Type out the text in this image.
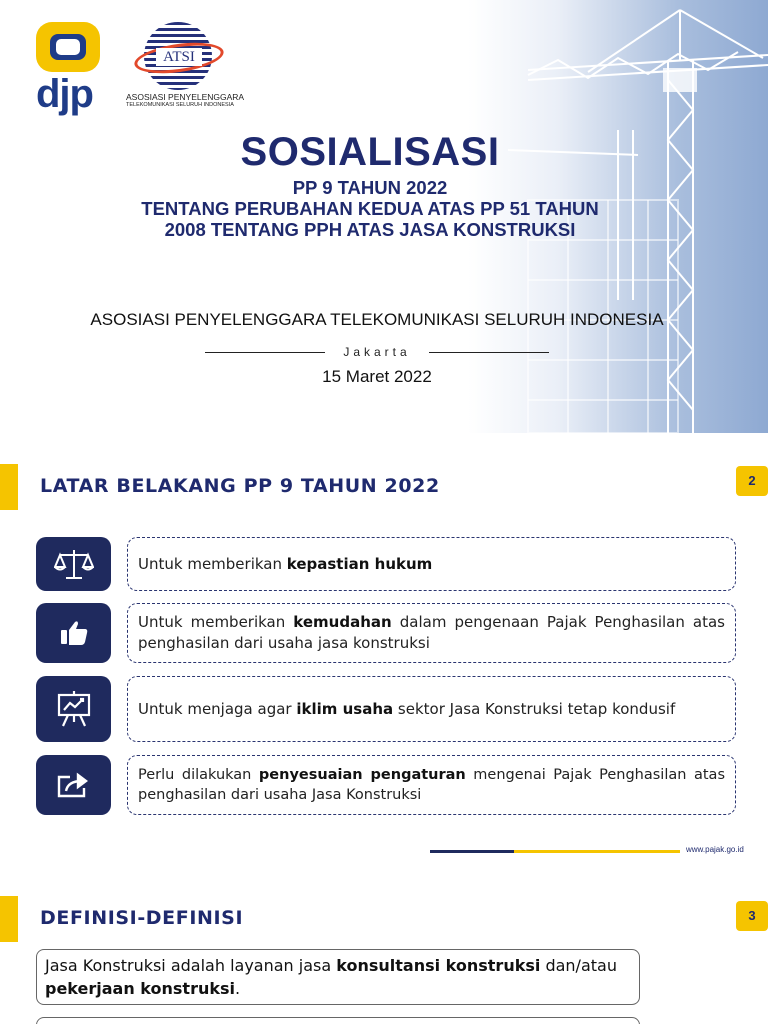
djp
ATSI
ASOSIASI PENYELENGGARA
TELEKOMUNIKASI SELURUH INDONESIA
SOSIALISASI
PP 9 TAHUN 2022
TENTANG PERUBAHAN KEDUA ATAS PP 51 TAHUN
2008 TENTANG PPH ATAS JASA KONSTRUKSI
ASOSIASI PENYELENGGARA TELEKOMUNIKASI SELURUH INDONESIA
Jakarta
15 Maret 2022
LATAR BELAKANG PP 9 TAHUN 2022	2
Untuk memberikan kepastian hukum
Untuk memberikan kemudahan dalam pengenaan Pajak Penghasilan atas penghasilan dari usaha jasa konstruksi
Untuk menjaga agar iklim usaha sektor Jasa Konstruksi tetap kondusif
Perlu dilakukan penyesuaian pengaturan mengenai Pajak Penghasilan atas penghasilan dari usaha Jasa Konstruksi
www.pajak.go.id
DEFINISI-DEFINISI	3
Jasa Konstruksi adalah layanan jasa konsultansi konstruksi dan/atau pekerjaan konstruksi.
